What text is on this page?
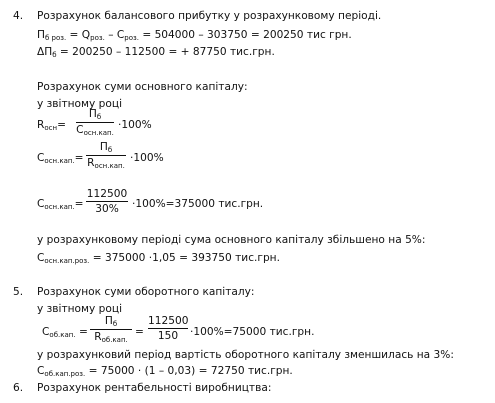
4. Розрахунок балансового прибутку у розрахунковому періоді.
Пб роз. = Qроз. – Сроз. = 504000 – 303750 = 200250 тис грн.
ΔПб = 200250 – 112500 = + 87750 тис.грн.
Розрахунок суми основного капіталу:
у звітному році
Rосн=
Пб
Сосн.кап.
·100%
Сосн.кап.=
Пб
Rосн.кап.
·100%
Сосн.кап.=
112500
30%	·100%=375000 тис.грн.
у розрахунковому періоді сума основного капіталу збільшено на 5%:
Сосн.кап.роз. = 375000 ·1,05 = 393750 тис.грн.
5. Розрахунок суми оборотного капіталу:
у звітному році
Соб.кап. =
Пб
Rоб.кап.
=
112500
150	·100%=75000 тис.грн.
у розрахунковий період вартість оборотного капіталу зменшилась на 3%:
Соб.кап.роз. = 75000 · (1 – 0,03) = 72750 тис.грн.
6. Розрахунок рентабельності виробництва:
